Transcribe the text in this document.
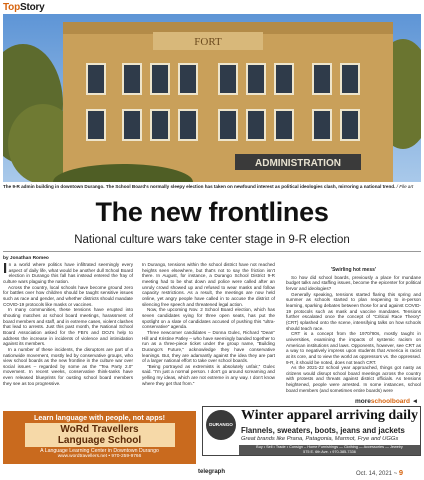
TopStory
FORT
ADMINISTRATION
The 9-R admin building in downtown Durango. The School Board's normally sleepy election has taken on newfound interest as political ideologies clash, mirroring a national trend. / File art
The new frontlines
National culture wars take center stage in 9-R election
by Jonathan Romeo

In a world where politics have infiltrated seemingly every aspect of daily life, what would be another dull School Board election in Durango this fall has instead entered the fray of culture wars plaguing the nation.

Across the country, local schools have become ground zero for battles over how children should be taught sensitive issues such as race and gender, and whether districts should mandate COVID-19 protocols like masks or vaccines.

In many communities, these tensions have erupted into shouting matches at school board meetings, harassment of board members and staff, and in extreme cases, violent clashes that lead to arrests. Just this past month, the National School Board Association asked for the FBI's and DOJ's help to address the increase in incidents of violence and intimidation against its members.

In a number of these incidents, the disruptors are part of a nationwide movement, mostly led by conservative groups, who view school boards as the new frontline in the culture war over social issues – regarded by some as the "Tea Party 2.0" movement. In recent weeks, conservative think-tanks have even released blueprints for ousting school board members they see as too progressive.

In Durango, tensions within the school district have not reached heights seen elsewhere, but that's not to say the friction isn't there. In August, for instance, a Durango School District 9-R meeting had to be shut down and police were called after an unruly crowd showed up and refused to wear masks and follow capacity restrictions. As a result, the meetings are now held online, yet angry people have called in to accuse the district of silencing free speech and threatened legal action.

Now, the upcoming Nov. 2 School Board election, which has seven candidates vying for three open seats, has put the spotlight on a slate of candidates accused of pushing this "ultra-conservative" agenda.

Three newcomer candidates – Donna Gulec, Richard "Dean" Hill and Kristine Patley – who have seemingly banded together to run as a three-piece ticket under the group name, "Building Durango's Future," acknowledge they have conservative leanings. But, they are adamantly against the idea they are part of a larger national effort to take over school boards.

"Being portrayed as extremists is absolutely unfair," Gulec said. "I'm just a normal person. I don't go around screaming and yelling my ideas, which are not extreme in any way. I don't know where they get that from."

'Swirling hot mess'

So how did school boards, previously a place for mundane budget talks and staffing issues, become the epicenter for political fervor and ideologies?

Generally speaking, tensions started flaring this spring and summer as schools started to plan reopening to in-person learning, sparking debates between those for and against COVID-19 protocols such as mask and vaccine mandates. Tensions further escalated once the concept of "Critical Race Theory" (CRT) splashed onto the scene, intensifying talks on how schools should teach race.

CRT is a concept from the 1970/'80s, mostly taught in universities, examining the impacts of systemic racism on American institutions and laws. Opponents, however, see CRT as a way to negatively impress upon students that America is racist at its core, and to view the world as oppressors vs. the oppressed. 9-R, it should be noted, does not teach CRT.

As the 2021-22 school year approached, things got nasty as citizens would disrupt school board meetings across the country with protests and threats against district officials. As tensions heightened, people were arrested. In some instances, school board members (and sometimes entire boards) were

moreschoolboard ◄
Learn language with people, not apps!
WoRd Travellers
Language School
A Language Learning Center in Downtown Durango
www.wordtravellers.net • 970-259-9766
DURANGO
Winter apparel arriving daily
Flannels, sweaters, boots, jeans and jackets
Great brands like Prana, Patagonia, Marmot, Frye and UGGs
Buy • Sell • Trade • Consign – Home Furnishings — Clothing — Accessories — Jewelry
575 E. 6th Ave. • 970-385-7336
telegraph	Oct. 14, 2021 ~ 9
